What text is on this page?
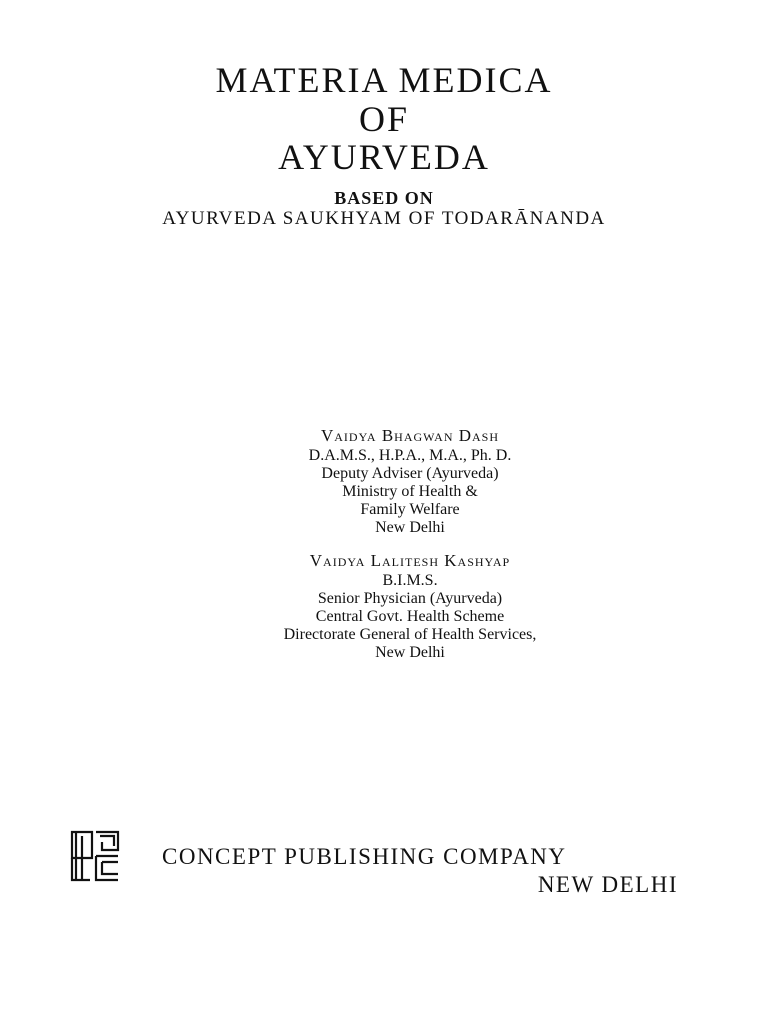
MATERIA MEDICA
OF
AYURVEDA
BASED ON
AYURVEDA SAUKHYAM OF TODARĀNANDA
Vaidya Bhagwan Dash
D.A.M.S., H.P.A., M.A., Ph. D.
Deputy Adviser (Ayurveda)
Ministry of Health &
Family Welfare
New Delhi
Vaidya Lalitesh Kashyap
B.I.M.S.
Senior Physician (Ayurveda)
Central Govt. Health Scheme
Directorate General of Health Services,
New Delhi
CONCEPT PUBLISHING COMPANY
NEW DELHI
